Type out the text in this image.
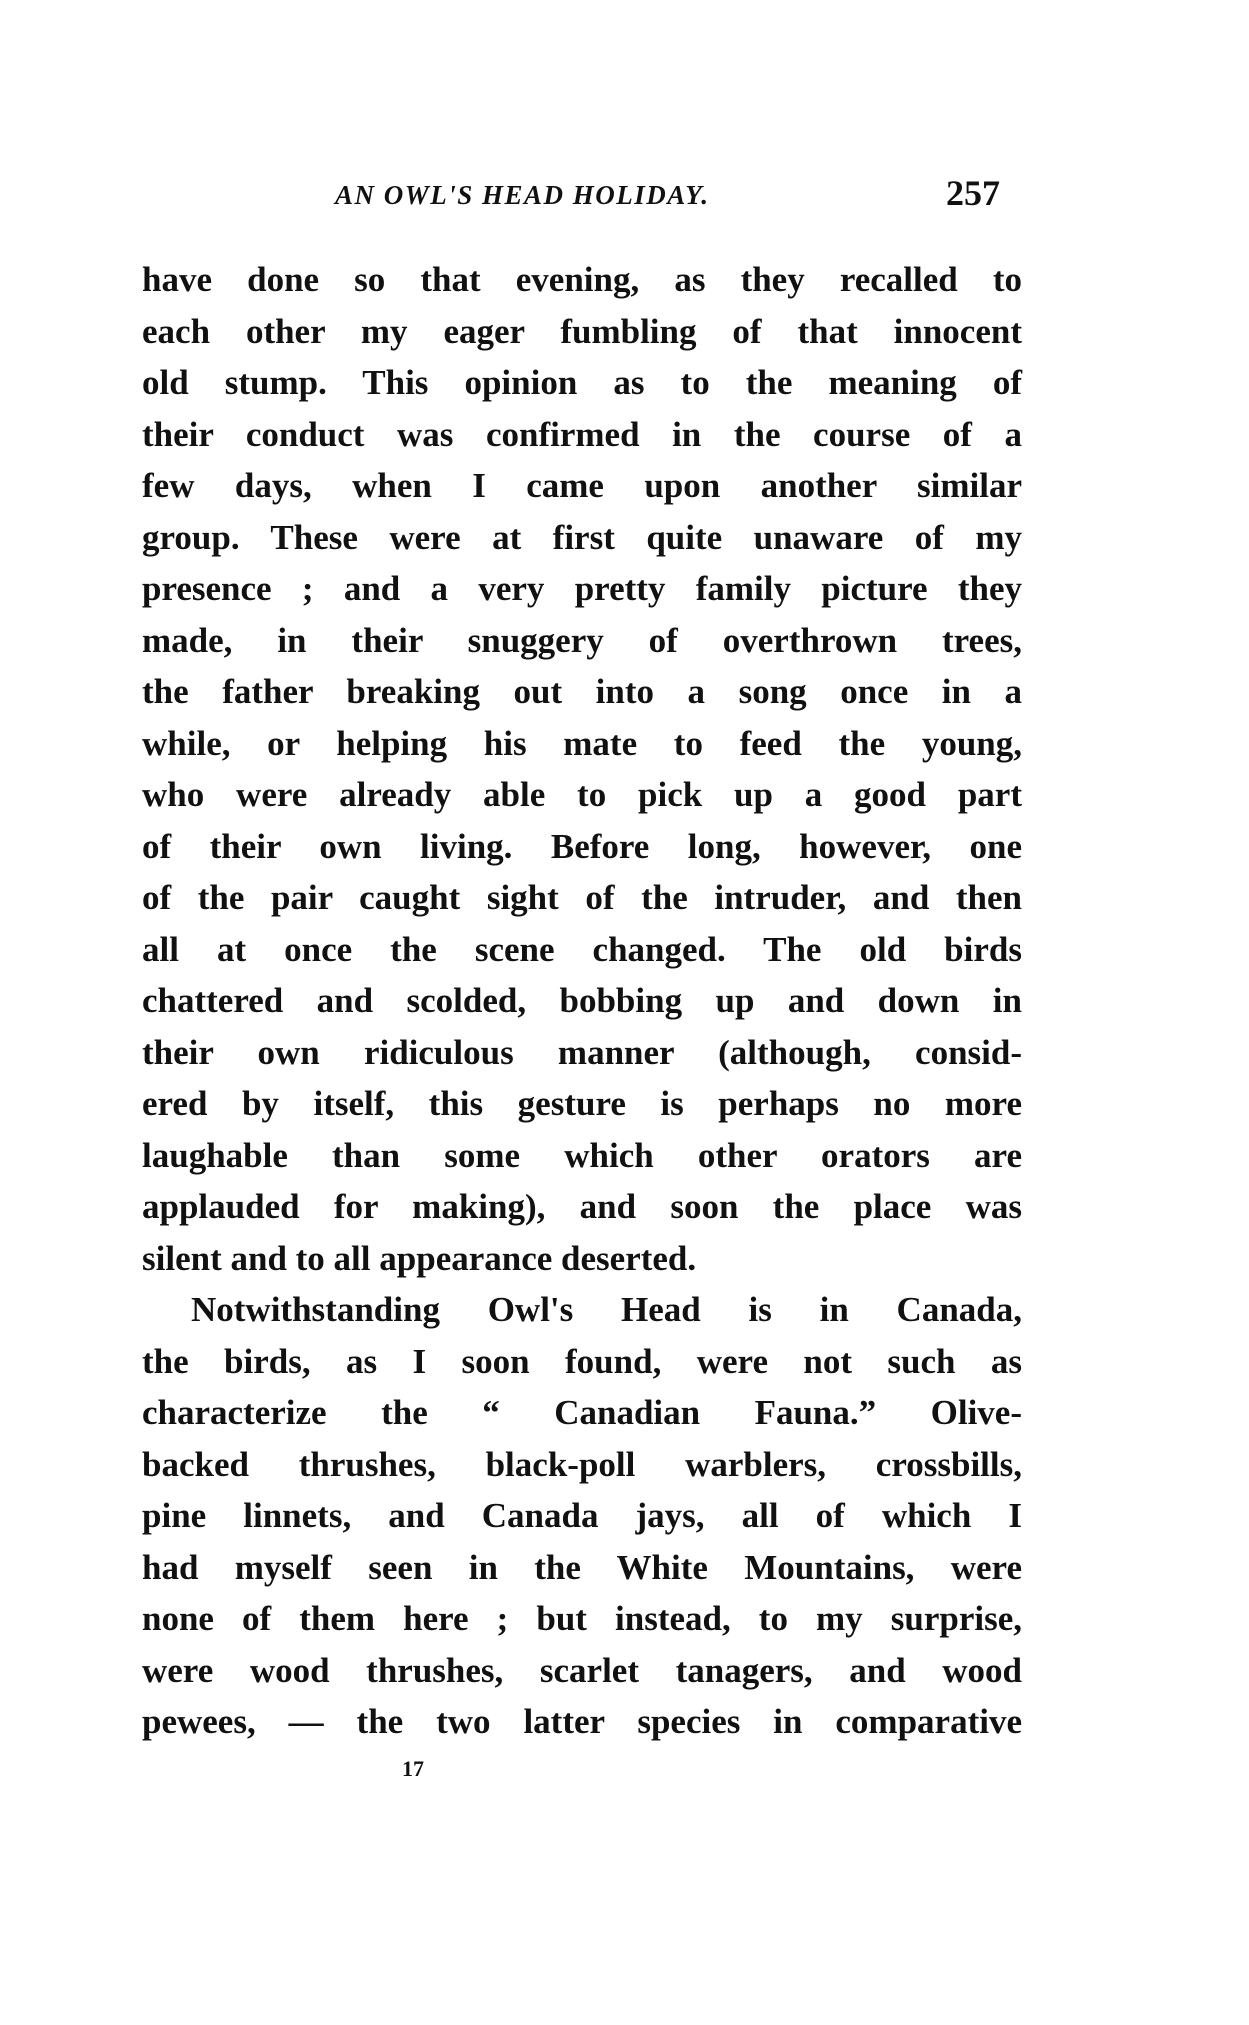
AN OWL'S HEAD HOLIDAY.	257
have done so that evening, as they recalled to
each other my eager fumbling of that innocent
old stump. This opinion as to the meaning of
their conduct was confirmed in the course of a
few days, when I came upon another similar
group. These were at first quite unaware of my
presence ; and a very pretty family picture they
made, in their snuggery of overthrown trees,
the father breaking out into a song once in a
while, or helping his mate to feed the young,
who were already able to pick up a good part
of their own living. Before long, however, one
of the pair caught sight of the intruder, and then
all at once the scene changed. The old birds
chattered and scolded, bobbing up and down in
their own ridiculous manner (although, consid-
ered by itself, this gesture is perhaps no more
laughable than some which other orators are
applauded for making), and soon the place was
silent and to all appearance deserted.
Notwithstanding Owl's Head is in Canada,
the birds, as I soon found, were not such as
characterize the “ Canadian Fauna.” Olive-
backed thrushes, black-poll warblers, crossbills,
pine linnets, and Canada jays, all of which I
had myself seen in the White Mountains, were
none of them here ; but instead, to my surprise,
were wood thrushes, scarlet tanagers, and wood
pewees, — the two latter species in comparative
17
